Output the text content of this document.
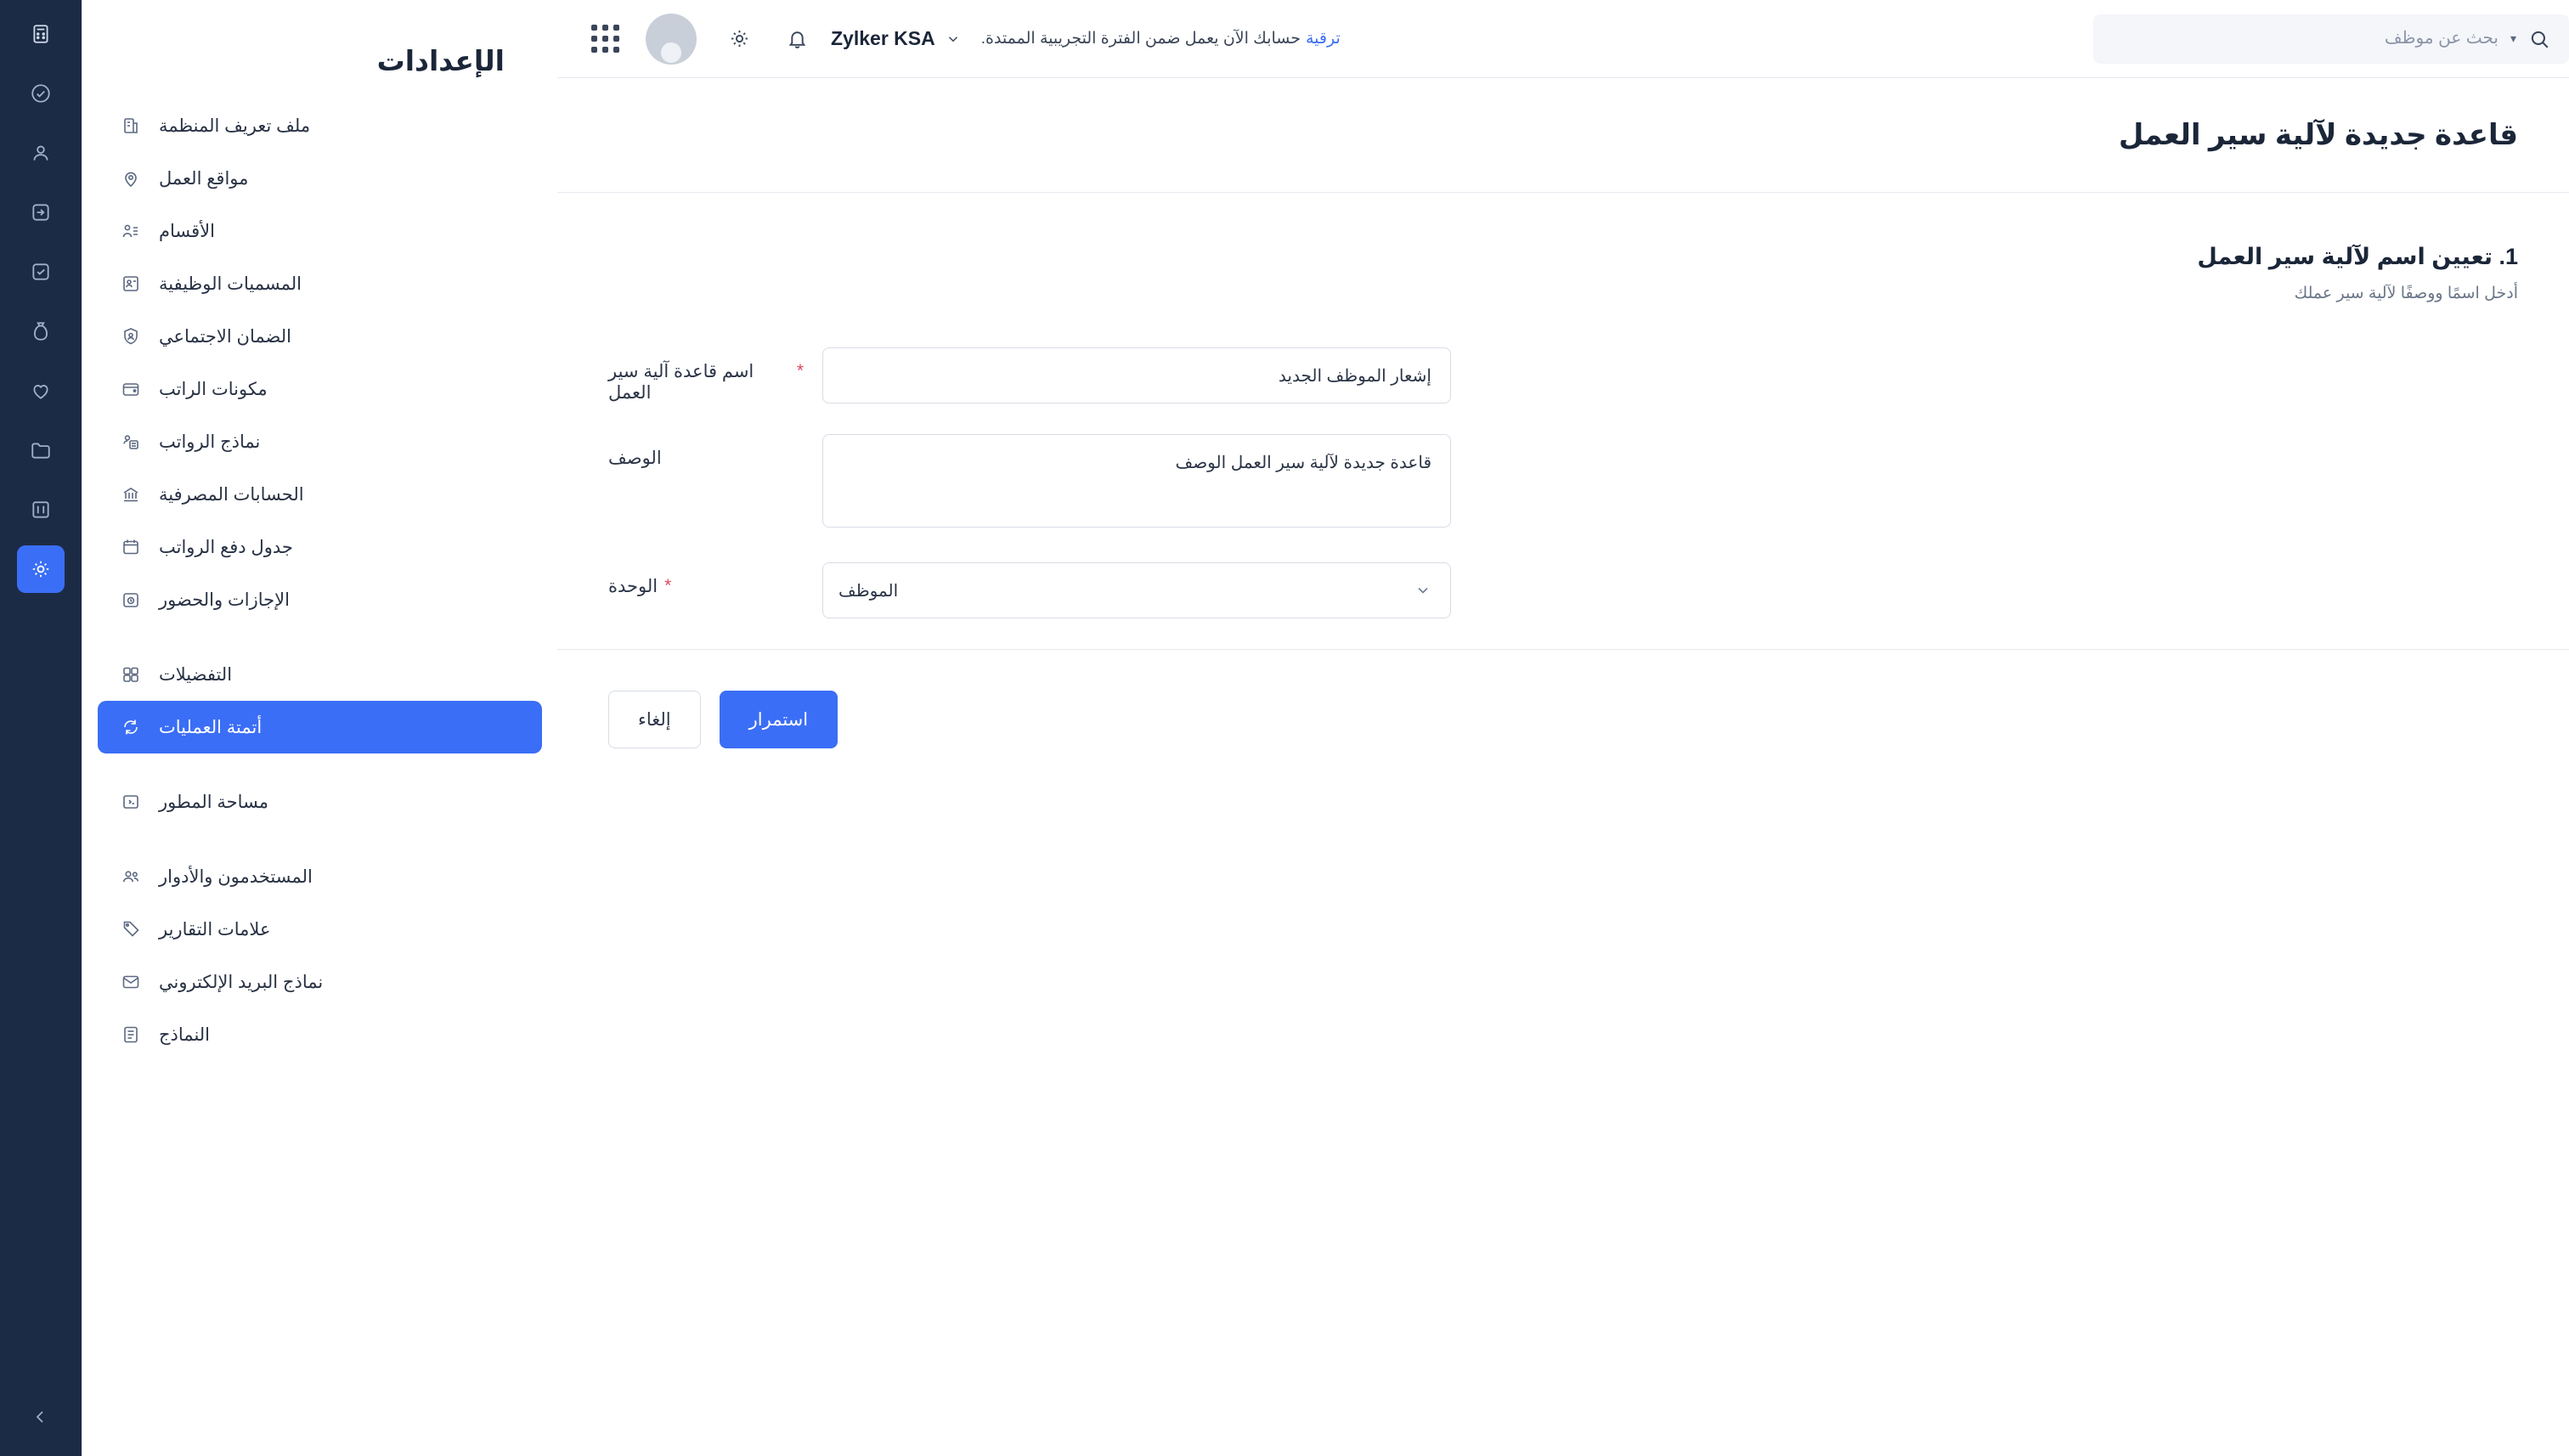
الإعدادات
ملف تعريف المنظمة
مواقع العمل
الأقسام
المسميات الوظيفية
الضمان الاجتماعي
مكونات الراتب
نماذج الرواتب
الحسابات المصرفية
جدول دفع الرواتب
الإجازات والحضور
التفضيلات
أتمتة العمليات
مساحة المطور
المستخدمون والأدوار
علامات التقارير
نماذج البريد الإلكتروني
النماذج
بحث عن موظف
▾
Zylker KSA	حسابك الآن يعمل ضمن الفترة التجريبية الممتدة. ترقية
قاعدة جديدة لآلية سير العمل
1. تعيين اسم لآلية سير العمل
أدخل اسمًا ووصفًا لآلية سير عملك
إشعار الموظف الجديد
اسم قاعدة آلية سير العمل
*
قاعدة جديدة لآلية سير العمل الوصف
الوصف
الموظف
الوحدة *
استمرار
إلغاء
